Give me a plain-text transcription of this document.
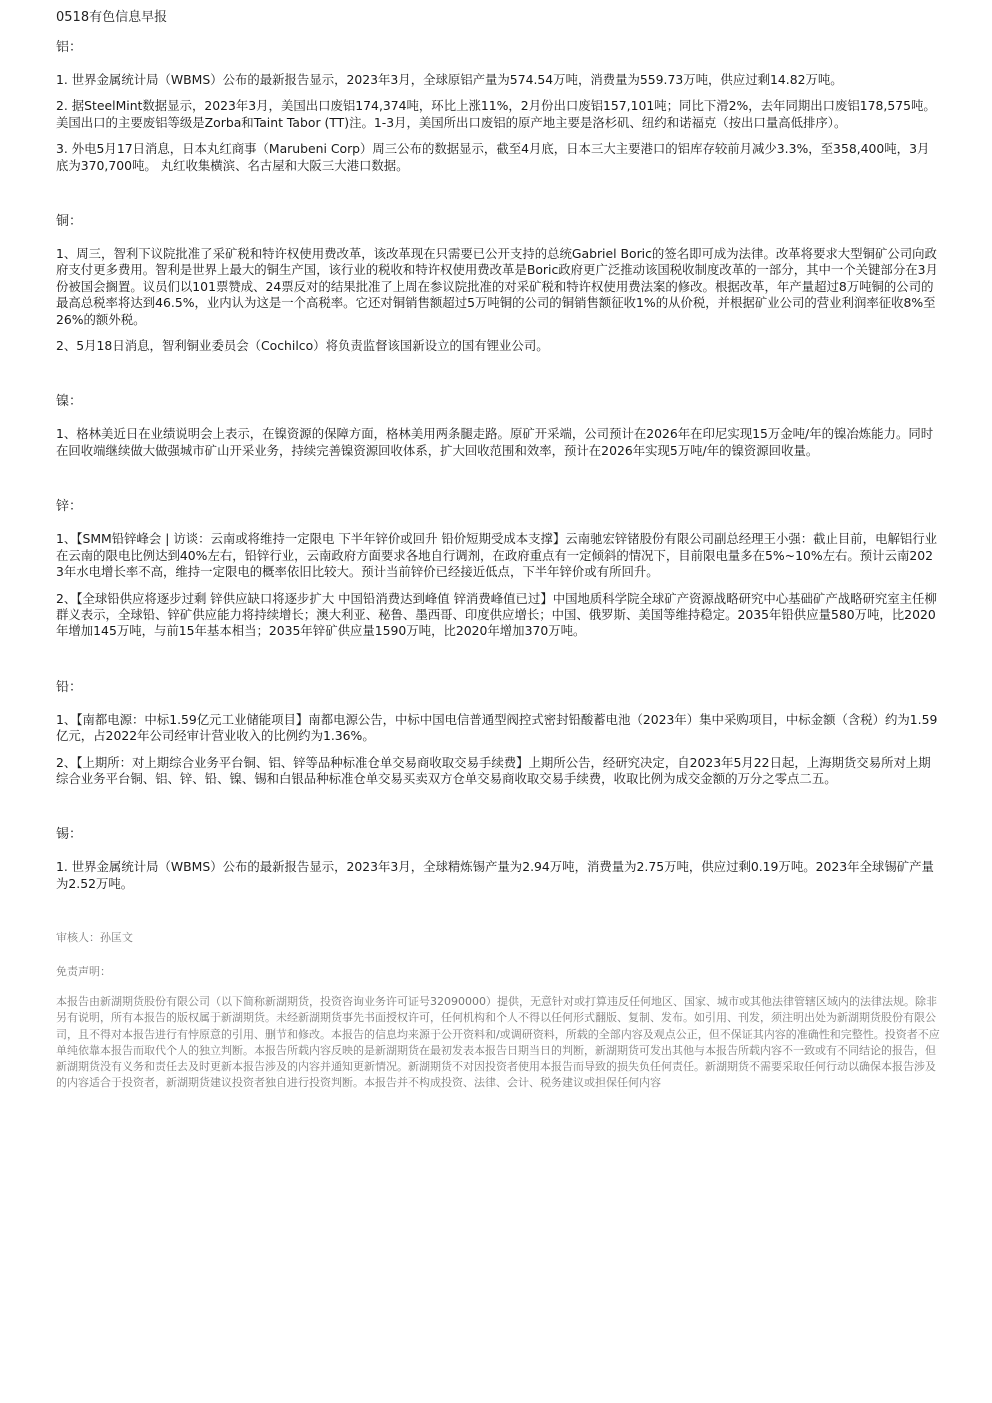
0518有色信息早报
铝：

1. 世界金属统计局（WBMS）公布的最新报告显示，2023年3月，全球原铝产量为574.54万吨，消费量为559.73万吨，供应过剩14.82万吨。

2. 据SteelMint数据显示，2023年3月，美国出口废铝174,374吨，环比上涨11%，2月份出口废铝157,101吨；同比下滑2%，去年同期出口废铝178,575吨。美国出口的主要废铝等级是Zorba和Taint Tabor (TT)注。1-3月，美国所出口废铝的原产地主要是洛杉矶、纽约和诺福克（按出口量高低排序）。

3. 外电5月17日消息，日本丸红商事（Marubeni Corp）周三公布的数据显示，截至4月底，日本三大主要港口的铝库存较前月减少3.3%，至358,400吨，3月底为370,700吨。 丸红收集横滨、名古屋和大阪三大港口数据。

铜：

1、周三，智利下议院批准了采矿税和特许权使用费改革，该改革现在只需要已公开支持的总统Gabriel Boric的签名即可成为法律。改革将要求大型铜矿公司向政府支付更多费用。智利是世界上最大的铜生产国，该行业的税收和特许权使用费改革是Boric政府更广泛推动该国税收制度改革的一部分，其中一个关键部分在3月份被国会搁置。议员们以101票赞成、24票反对的结果批准了上周在参议院批准的对采矿税和特许权使用费法案的修改。根据改革，年产量超过8万吨铜的公司的最高总税率将达到46.5%，业内认为这是一个高税率。它还对铜销售额超过5万吨铜的公司的铜销售额征收1%的从价税，并根据矿业公司的营业利润率征收8%至26%的额外税。

2、5月18日消息，智利铜业委员会（Cochilco）将负责监督该国新设立的国有锂业公司。

镍：

1、格林美近日在业绩说明会上表示，在镍资源的保障方面，格林美用两条腿走路。原矿开采端，公司预计在2026年在印尼实现15万金吨/年的镍冶炼能力。同时在回收端继续做大做强城市矿山开采业务，持续完善镍资源回收体系，扩大回收范围和效率，预计在2026年实现5万吨/年的镍资源回收量。

锌：

1、【SMM铅锌峰会 | 访谈：云南或将维持一定限电 下半年锌价或回升 铅价短期受成本支撑】云南驰宏锌锗股份有限公司副总经理王小强：截止目前，电解铝行业在云南的限电比例达到40%左右，铅锌行业，云南政府方面要求各地自行调剂，在政府重点有一定倾斜的情况下，目前限电量多在5%~10%左右。预计云南2023年水电增长率不高，维持一定限电的概率依旧比较大。预计当前锌价已经接近低点，下半年锌价或有所回升。

2、【全球铅供应将逐步过剩 锌供应缺口将逐步扩大 中国铅消费达到峰值 锌消费峰值已过】中国地质科学院全球矿产资源战略研究中心基础矿产战略研究室主任柳群义表示，全球铅、锌矿供应能力将持续增长；澳大利亚、秘鲁、墨西哥、印度供应增长；中国、俄罗斯、美国等维持稳定。2035年铅供应量580万吨，比2020年增加145万吨，与前15年基本相当；2035年锌矿供应量1590万吨，比2020年增加370万吨。

铅：

1、【南都电源：中标1.59亿元工业储能项目】南都电源公告，中标中国电信普通型阀控式密封铅酸蓄电池（2023年）集中采购项目，中标金额（含税）约为1.59亿元，占2022年公司经审计营业收入的比例约为1.36%。

2、【上期所：对上期综合业务平台铜、铝、锌等品种标准仓单交易商收取交易手续费】上期所公告，经研究决定，自2023年5月22日起，上海期货交易所对上期综合业务平台铜、铝、锌、铅、镍、锡和白银品种标准仓单交易买卖双方仓单交易商收取交易手续费，收取比例为成交金额的万分之零点二五。

锡：

1. 世界金属统计局（WBMS）公布的最新报告显示，2023年3月，全球精炼锡产量为2.94万吨，消费量为2.75万吨，供应过剩0.19万吨。2023年全球锡矿产量为2.52万吨。

审核人：孙匡文
免责声明：

本报告由新湖期货股份有限公司（以下简称新湖期货，投资咨询业务许可证号32090000）提供，无意针对或打算违反任何地区、国家、城市或其他法律管辖区域内的法律法规。除非另有说明，所有本报告的版权属于新湖期货。未经新湖期货事先书面授权许可，任何机构和个人不得以任何形式翻版、复制、发布。如引用、刊发，须注明出处为新湖期货股份有限公司，且不得对本报告进行有悖原意的引用、删节和修改。本报告的信息均来源于公开资料和/或调研资料，所载的全部内容及观点公正，但不保证其内容的准确性和完整性。投资者不应单纯依靠本报告而取代个人的独立判断。本报告所载内容反映的是新湖期货在最初发表本报告日期当日的判断，新湖期货可发出其他与本报告所载内容不一致或有不同结论的报告，但新湖期货没有义务和责任去及时更新本报告涉及的内容并通知更新情况。新湖期货不对因投资者使用本报告而导致的损失负任何责任。新湖期货不需要采取任何行动以确保本报告涉及的内容适合于投资者，新湖期货建议投资者独自进行投资判断。本报告并不构成投资、法律、会计、税务建议或担保任何内容
